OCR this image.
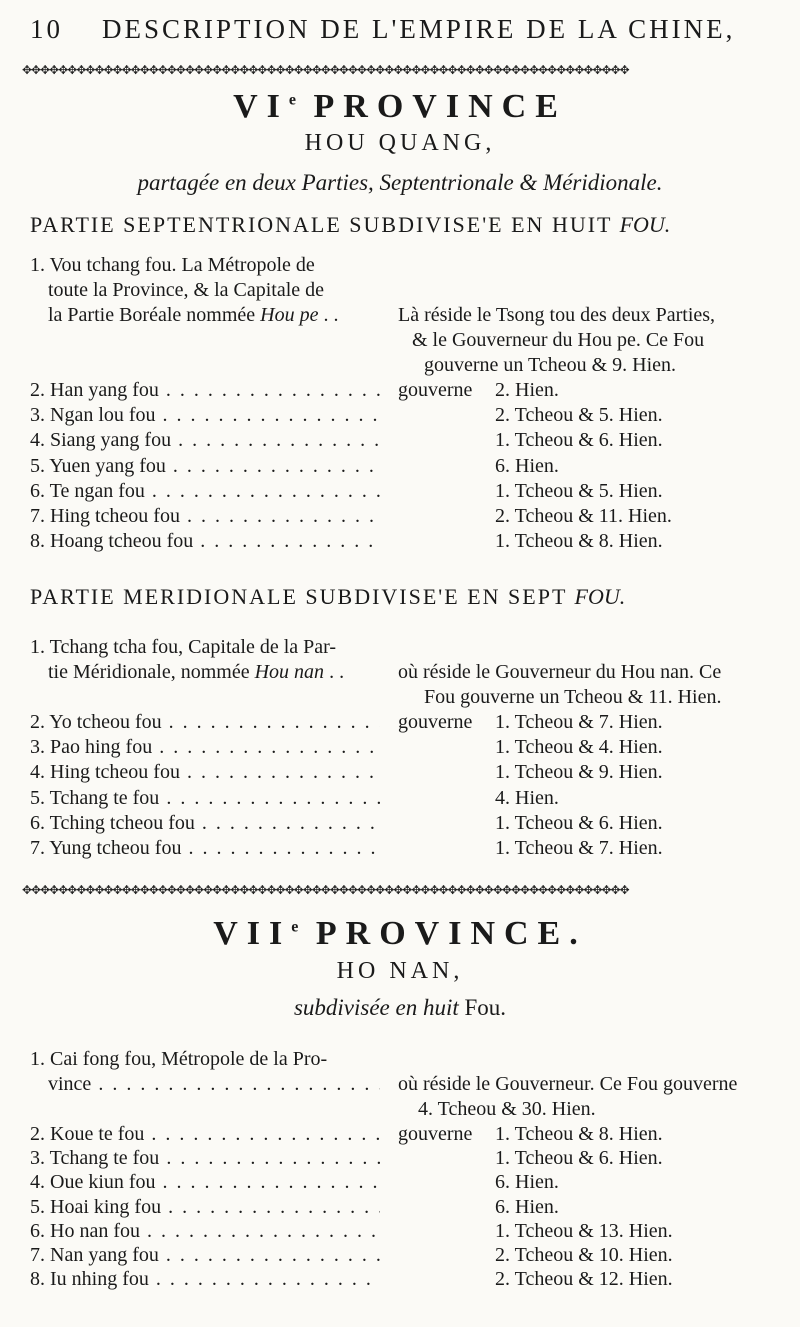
10 DESCRIPTION DE L'EMPIRE DE LA CHINE,
✥✥✥✥✥✥✥✥✥✥✥✥✥✥✥✥✥✥✥✥✥✥✥✥✥✥✥✥✥✥✥✥✥✥✥✥✥✥✥✥✥✥✥✥✥✥✥✥✥✥✥✥✥✥✥✥✥✥✥✥✥✥✥✥✥✥✥
VIe PROVINCE
HOU QUANG,
partagée en deux Parties, Septentrionale & Méridionale.
PARTIE SEPTENTRIONALE SUBDIVISE'E EN HUIT FOU.
1. Vou tchang fou. La Métropole de
toute la Province, & la Capitale de
la Partie Boréale nommée Hou pe . .	Là réside le Tsong tou des deux Parties,
& le Gouverneur du Hou pe. Ce Fou
gouverne un Tcheou & 9. Hien.
2. Han yang fou . . .	gouverne 2. Hien.
3. Ngan lou fou . . .	2. Tcheou & 5. Hien.
4. Siang yang fou . . .	1. Tcheou & 6. Hien.
5. Yuen yang fou . . .	6. Hien.
6. Te ngan fou . . .	1. Tcheou & 5. Hien.
7. Hing tcheou fou . . .	2. Tcheou & 11. Hien.
8. Hoang tcheou fou . . .	1. Tcheou & 8. Hien.
PARTIE MERIDIONALE SUBDIVISE'E EN SEPT FOU.
1. Tchang tcha fou, Capitale de la Par-
tie Méridionale, nommée Hou nan . .	où réside le Gouverneur du Hou nan. Ce
Fou gouverne un Tcheou & 11. Hien.
2. Yo tcheou fou . . .	gouverne 1. Tcheou & 7. Hien.
3. Pao hing fou . . .	1. Tcheou & 4. Hien.
4. Hing tcheou fou . . .	1. Tcheou & 9. Hien.
5. Tchang te fou . . .	4. Hien.
6. Tching tcheou fou . . .	1. Tcheou & 6. Hien.
7. Yung tcheou fou . . .	1. Tcheou & 7. Hien.
✥✥✥✥✥✥✥✥✥✥✥✥✥✥✥✥✥✥✥✥✥✥✥✥✥✥✥✥✥✥✥✥✥✥✥✥✥✥✥✥✥✥✥✥✥✥✥✥✥✥✥✥✥✥✥✥✥✥✥✥✥✥✥✥✥✥✥
VIIe PROVINCE.
HO NAN,
subdivisée en huit Fou.
1. Cai fong fou, Métropole de la Pro-
vince . . .	où réside le Gouverneur. Ce Fou gouverne
4. Tcheou & 30. Hien.
2. Koue te fou . . .	gouverne 1. Tcheou & 8. Hien.
3. Tchang te fou . . .	1. Tcheou & 6. Hien.
4. Oue kiun fou . . .	6. Hien.
5. Hoai king fou . . .	6. Hien.
6. Ho nan fou . . .	1. Tcheou & 13. Hien.
7. Nan yang fou . . .	2. Tcheou & 10. Hien.
8. Iu nhing fou . . .	2. Tcheou & 12. Hien.
